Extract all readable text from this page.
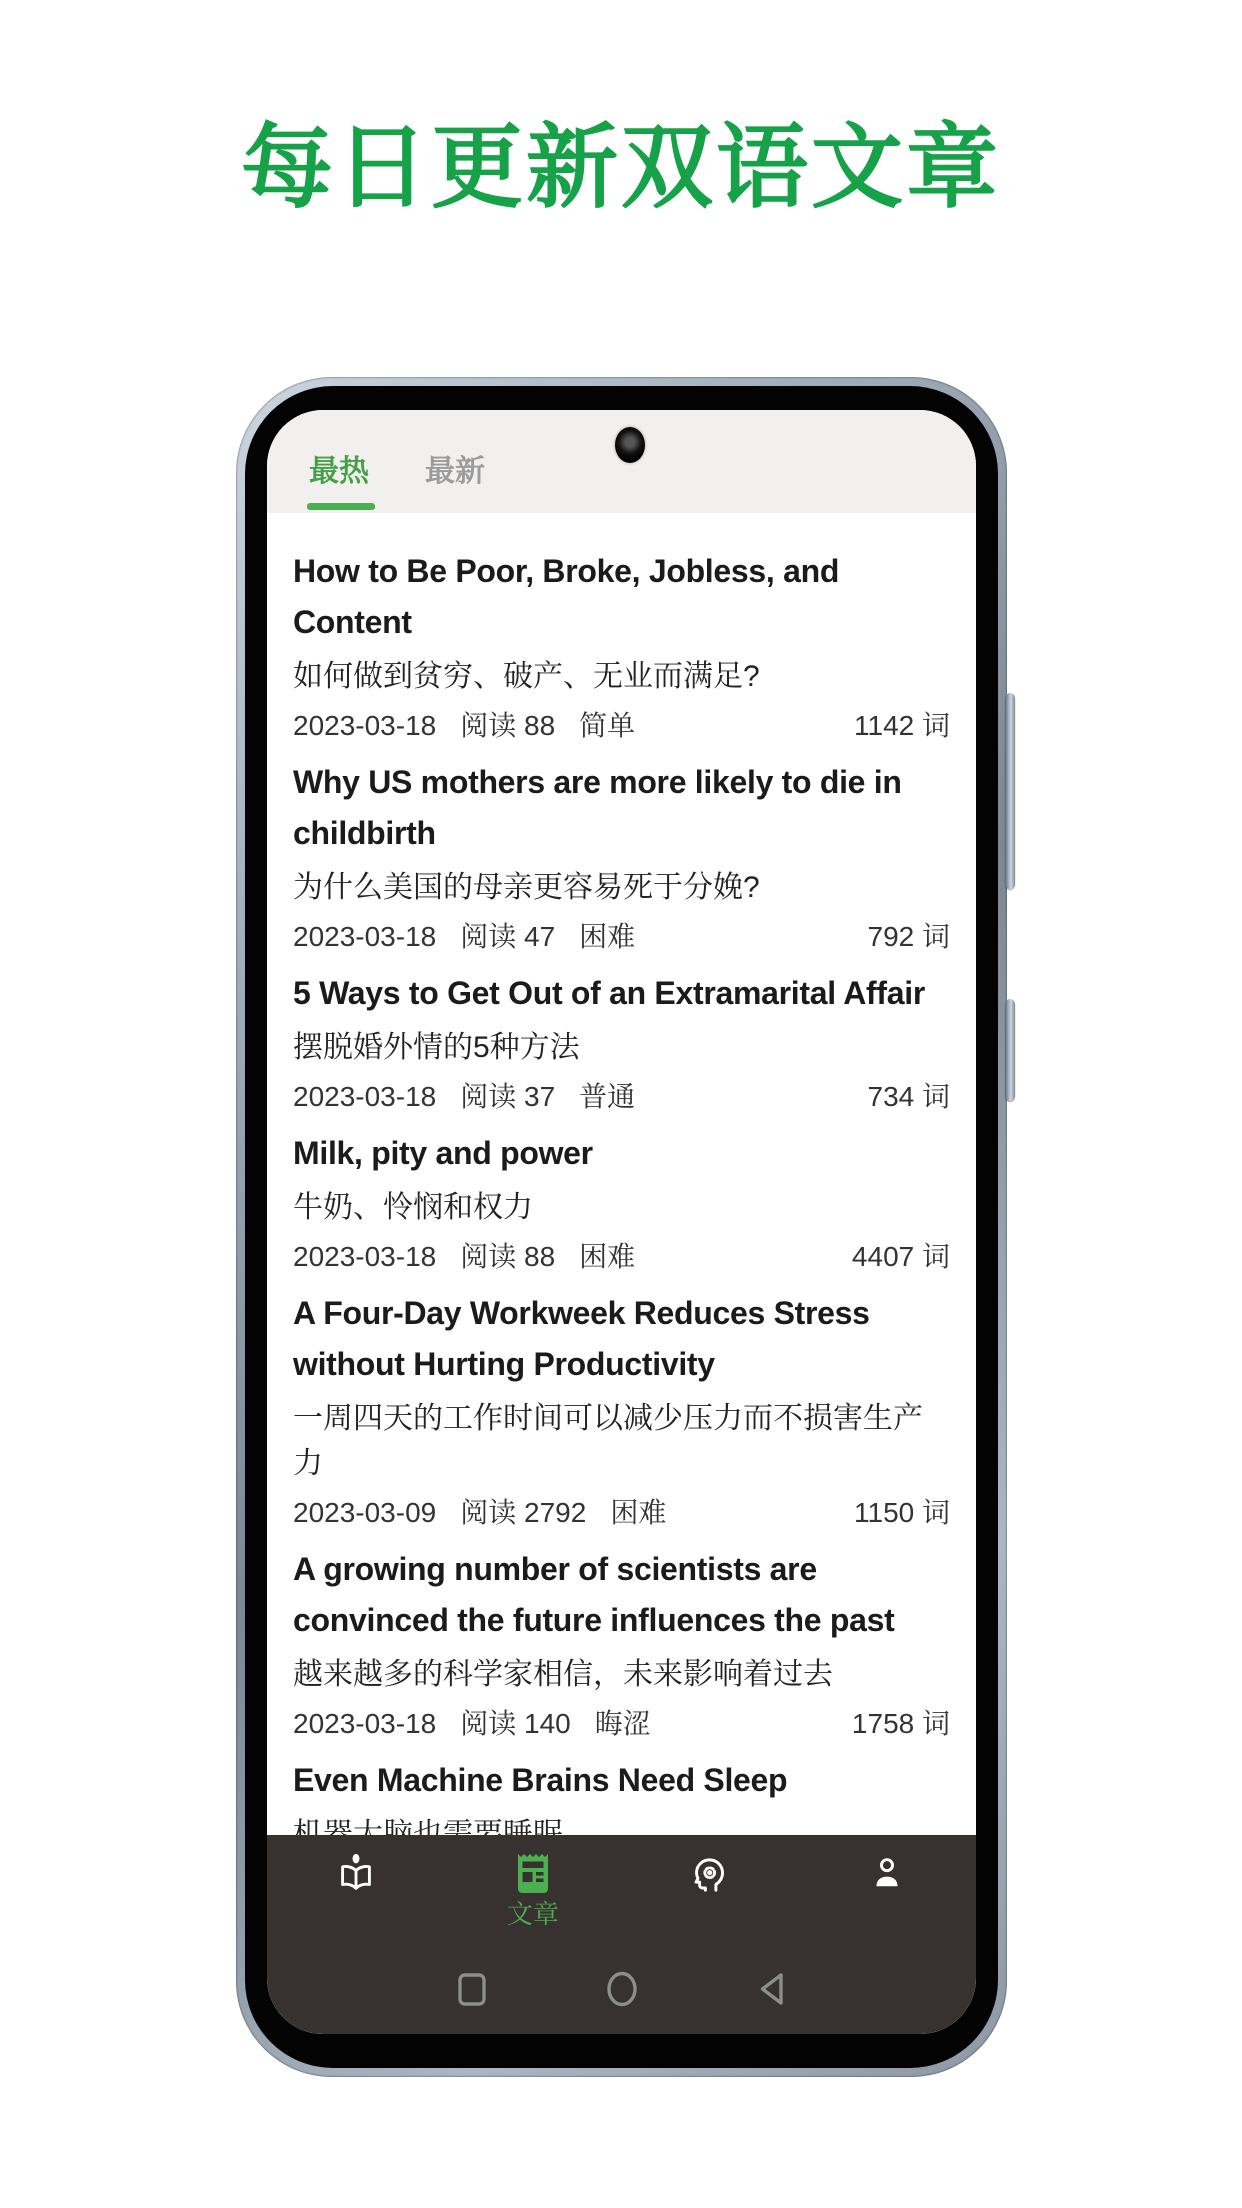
每日更新双语文章
最热 最新
How to Be Poor, Broke, Jobless, and Content
如何做到贫穷、破产、无业而满足?
2023-03-18 阅读 88 简单	1142 词
Why US mothers are more likely to die in childbirth
为什么美国的母亲更容易死于分娩?
2023-03-18 阅读 47 困难	792 词
5 Ways to Get Out of an Extramarital Affair
摆脱婚外情的5种方法
2023-03-18 阅读 37 普通	734 词
Milk, pity and power
牛奶、怜悯和权力
2023-03-18 阅读 88 困难	4407 词
A Four-Day Workweek Reduces Stress without Hurting Productivity
一周四天的工作时间可以减少压力而不损害生产力
2023-03-09 阅读 2792 困难	1150 词
A growing number of scientists are convinced the future influences the past
越来越多的科学家相信，未来影响着过去
2023-03-18 阅读 140 晦涩	1758 词
Even Machine Brains Need Sleep
文章
